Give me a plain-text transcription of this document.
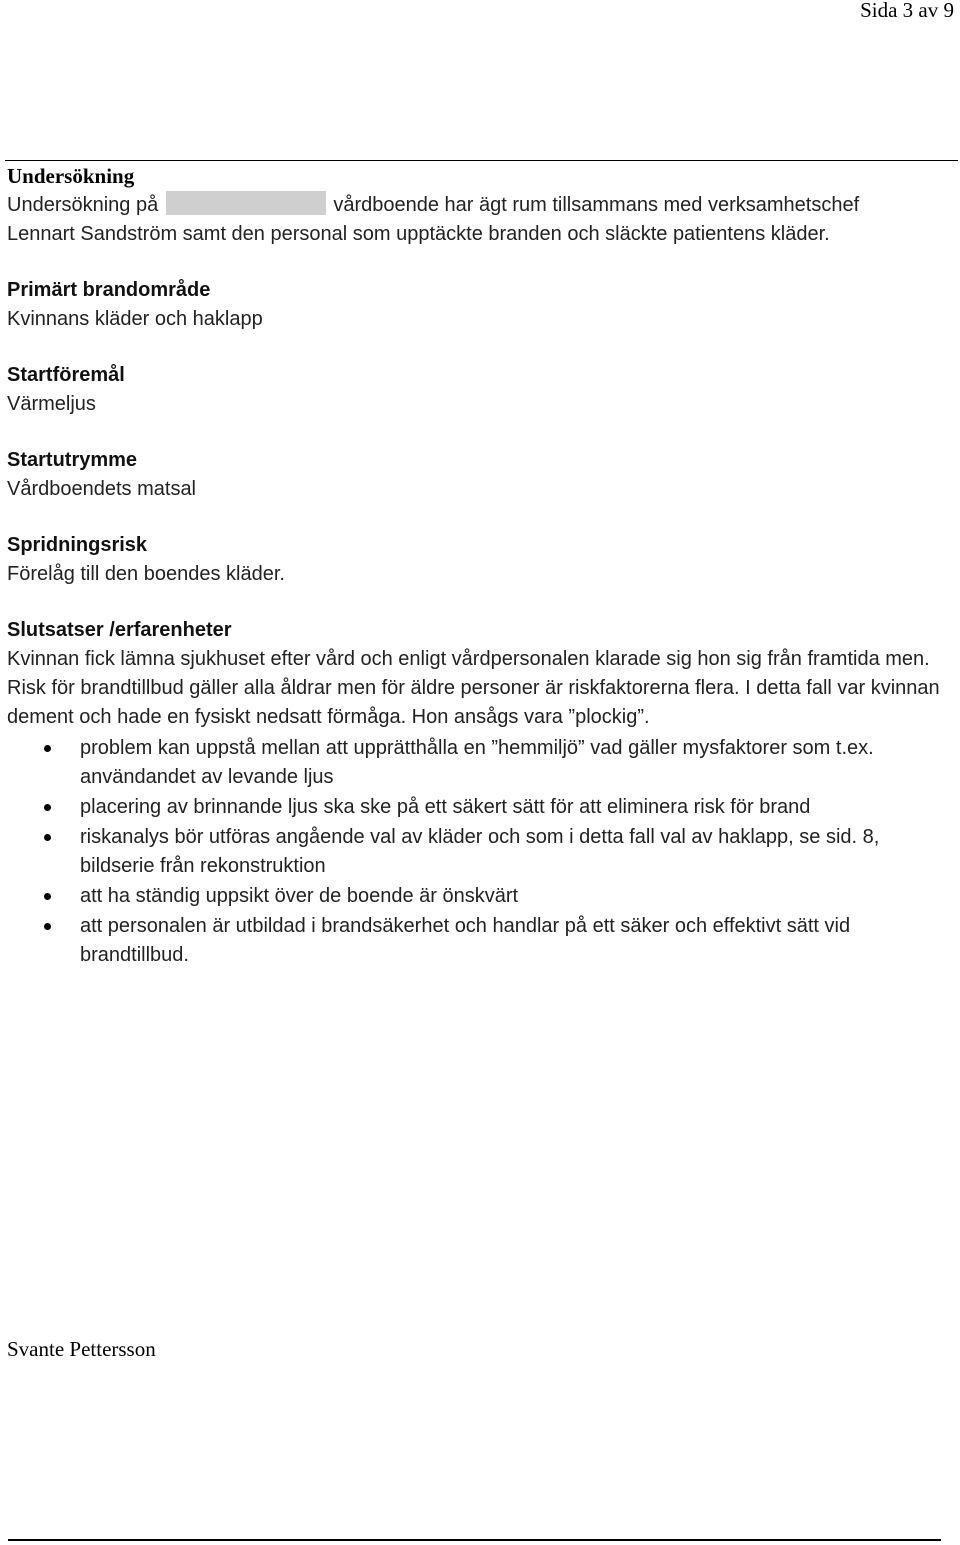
Sida 3 av 9

Undersökning

Undersökning på	vårdboende har ägt rum tillsammans med verksamhetschef

Lennart Sandström samt den personal som upptäckte branden och släckte patientens kläder.

Primärt brandområde

Kvinnans kläder och haklapp

Startföremål

Värmeljus

Startutrymme

Vårdboendets matsal

Spridningsrisk

Förelåg till den boendes kläder.

Slutsatser /erfarenheter

Kvinnan fick lämna sjukhuset efter vård och enligt vårdpersonalen klarade sig hon sig från framtida men.

Risk för brandtillbud gäller alla åldrar men för äldre personer är riskfaktorerna flera. I detta fall var kvinnan dement och hade en fysiskt nedsatt förmåga. Hon ansågs vara ”plockig”.

problem kan uppstå mellan att upprätthålla en ”hemmiljö” vad gäller mysfaktorer som t.ex. användandet av levande ljus
placering av brinnande ljus ska ske på ett säkert sätt för att eliminera risk för brand
riskanalys bör utföras angående val av kläder och som i detta fall val av haklapp, se sid. 8, bildserie från rekonstruktion
att ha ständig uppsikt över de boende är önskvärt
att personalen är utbildad i brandsäkerhet och handlar på ett säker och effektivt sätt vid brandtillbud.
Svante Pettersson
